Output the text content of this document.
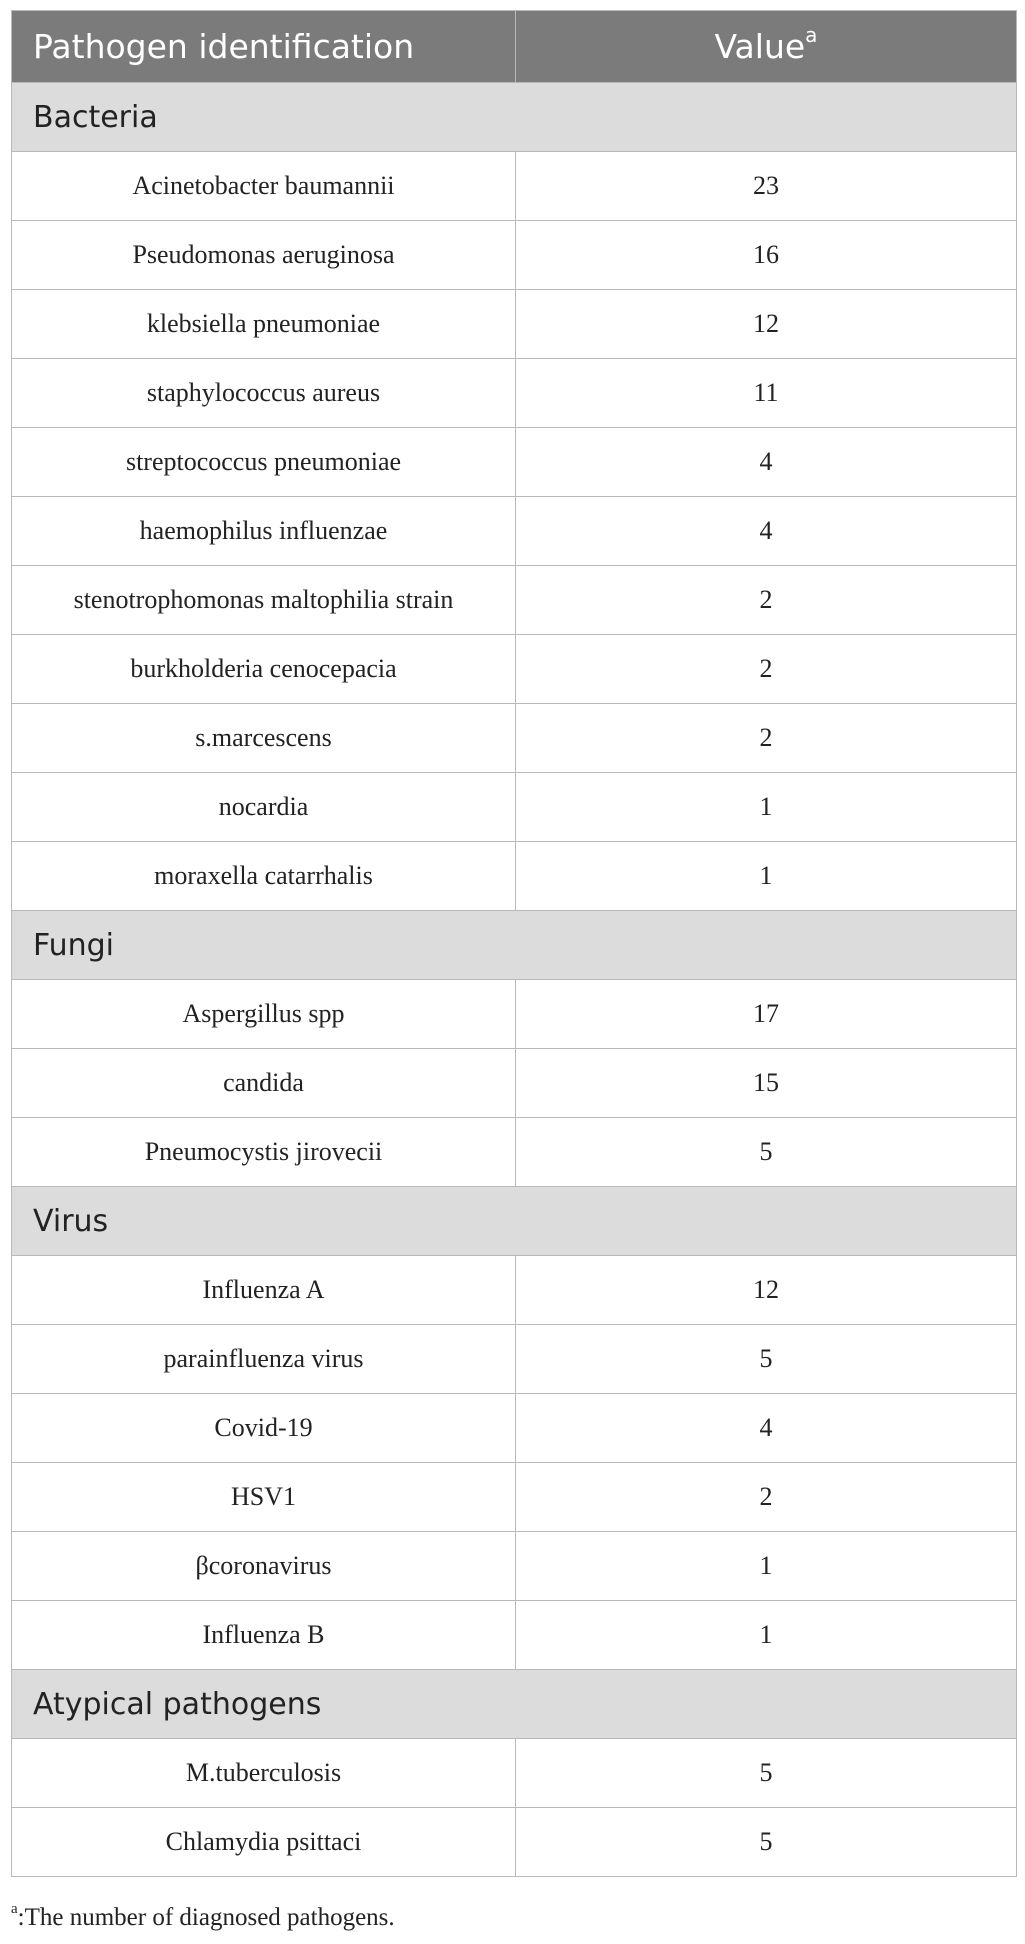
Pathogen identification	Value$^a$
Bacteria	
Acinetobacter baumannii	23
Pseudomonas aeruginosa	16
klebsiella pneumoniae	12
staphylococcus aureus	11
streptococcus pneumoniae	4
haemophilus influenzae	4
stenotrophomonas maltophilia strain	2
burkholderia cenocepacia	2
s.marcescens	2
nocardia	1
moraxella catarrhalis	1
Fungi	
Aspergillus spp	17
candida	15
Pneumocystis jirovecii	5
Virus	
Influenza A	12
parainfluenza virus	5
Covid-19	4
HSV1	2
βcoronavirus	1
Influenza B	1
Atypical pathogens	
M.tuberculosis	5
Chlamydia psittaci	5
$^a$:The number of diagnosed pathogens.
